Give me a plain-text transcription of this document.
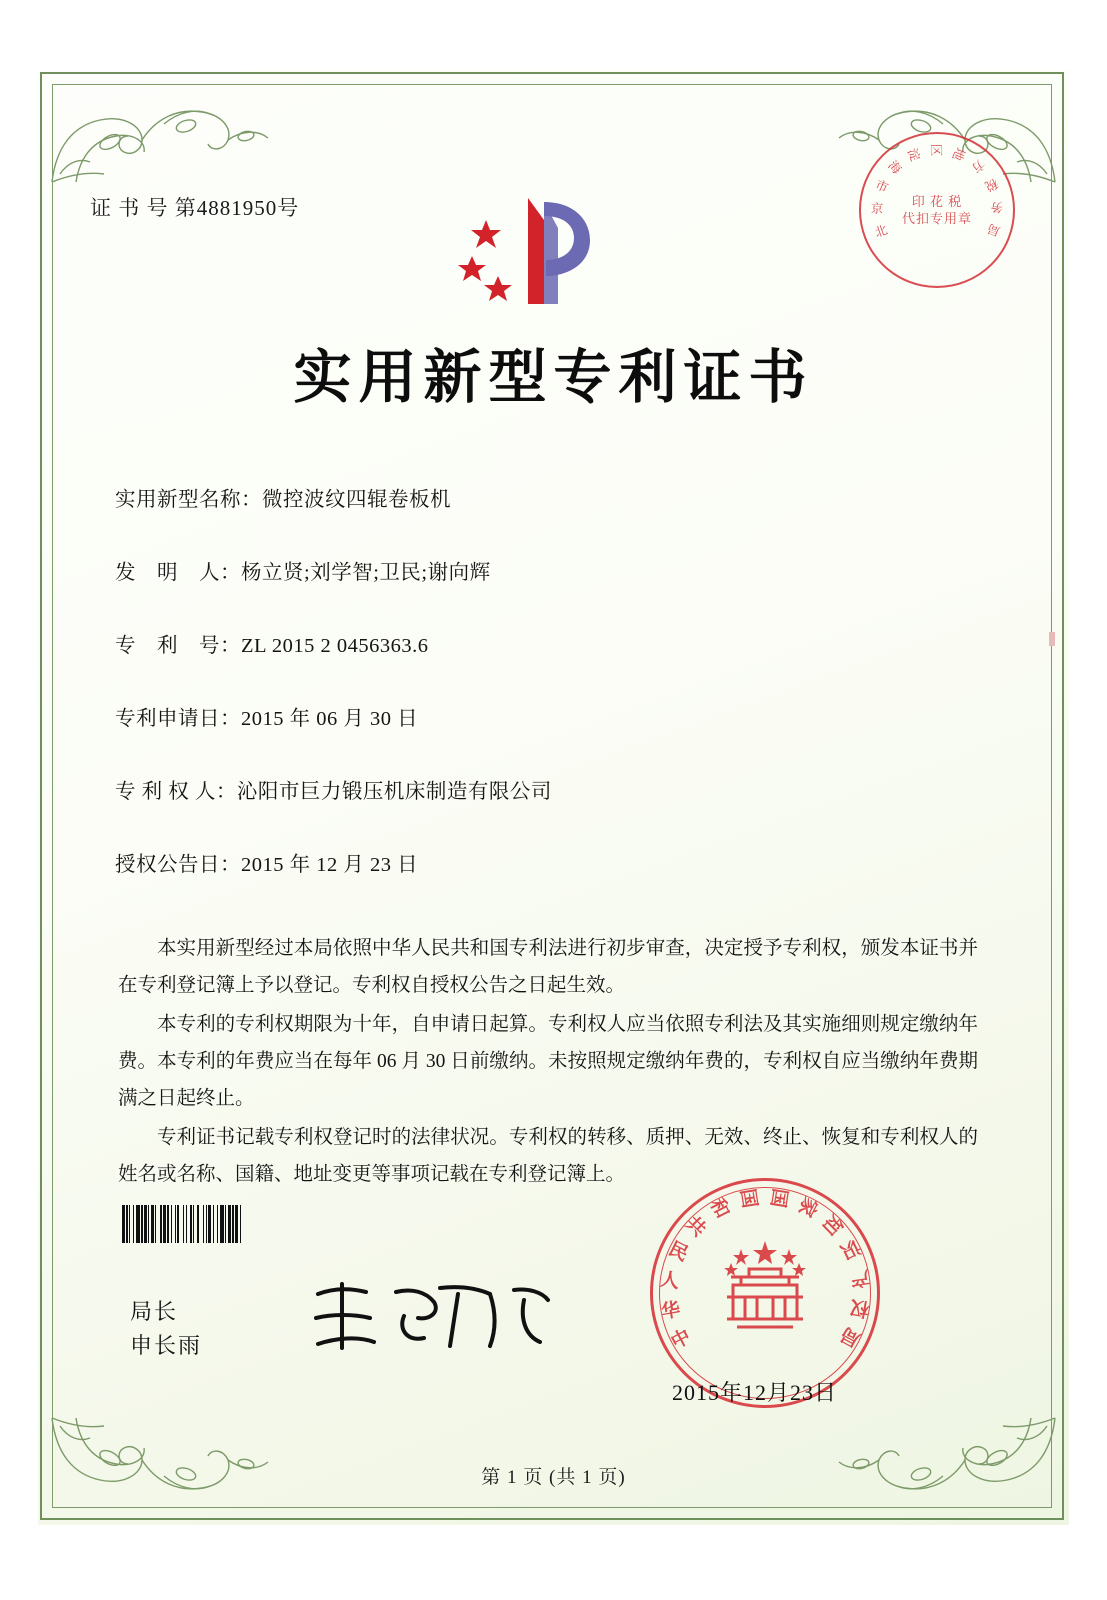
证 书 号 第4881950号
北
京
市
海
淀 区 地
方
税
务
局
印 花 税
代扣专用章
实用新型专利证书
实用新型名称：微控波纹四辊卷板机
发　明　人：杨立贤;刘学智;卫民;谢向辉
专　利　号：ZL 2015 2 0456363.6
专利申请日：2015 年 06 月 30 日
专 利 权 人：沁阳市巨力锻压机床制造有限公司
授权公告日：2015 年 12 月 23 日

本实用新型经过本局依照中华人民共和国专利法进行初步审查，决定授予专利权，颁发本证书并在专利登记簿上予以登记。专利权自授权公告之日起生效。

本专利的专利权期限为十年，自申请日起算。专利权人应当依照专利法及其实施细则规定缴纳年费。本专利的年费应当在每年 06 月 30 日前缴纳。未按照规定缴纳年费的，专利权自应当缴纳年费期满之日起终止。

专利证书记载专利权登记时的法律状况。专利权的转移、质押、无效、终止、恢复和专利权人的姓名或名称、国籍、地址变更等事项记载在专利登记簿上。

局长
申长雨	中
华
人
民
共
和 国 国 家
知
识
产
权
局
2015年12月23日
第 1 页 (共 1 页)
